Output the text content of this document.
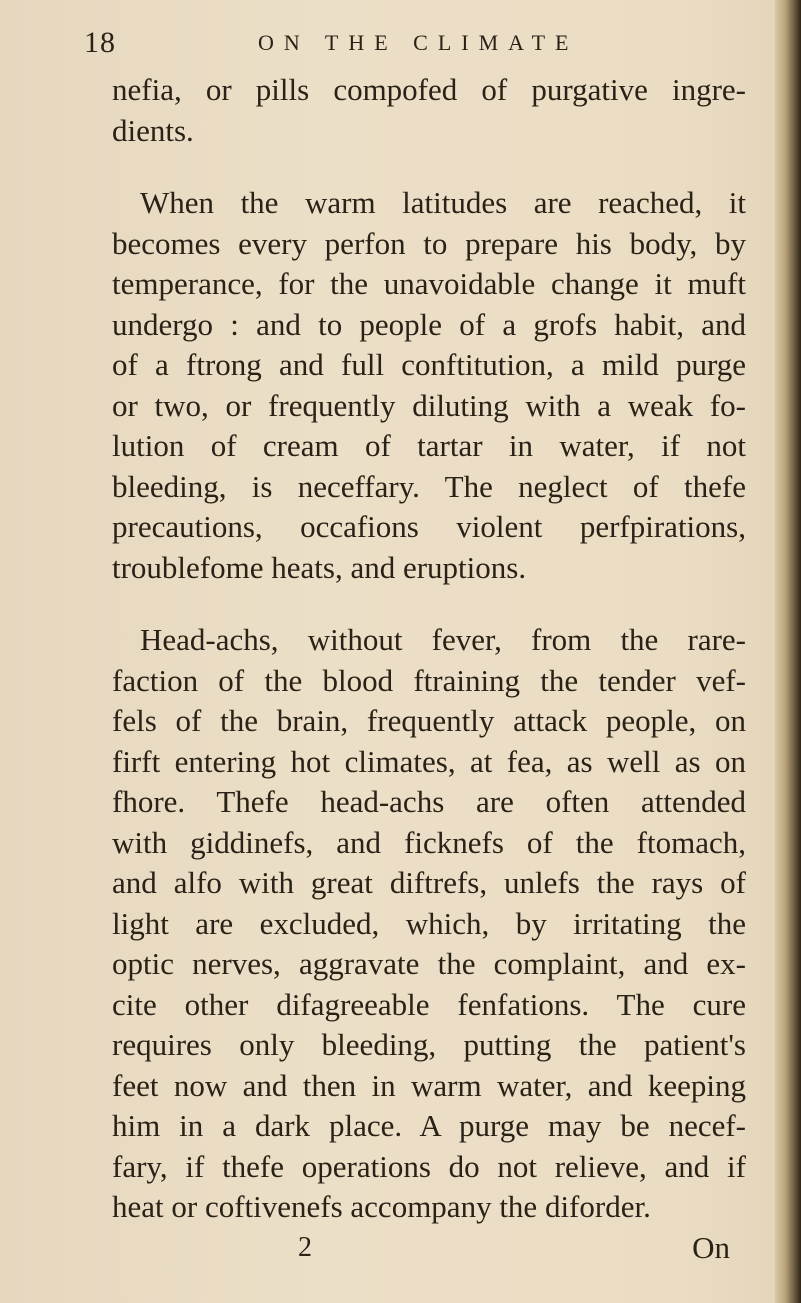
18	ON THE CLIMATE
nefia, or pills compofed of purgative ingre-
dients.
When the warm latitudes are reached, it
becomes every perfon to prepare his body, by
temperance, for the unavoidable change it muft
undergo : and to people of a grofs habit, and
of a ftrong and full conftitution, a mild purge
or two, or frequently diluting with a weak fo-
lution of cream of tartar in water, if not
bleeding, is neceffary. The neglect of thefe
precautions, occafions violent perfpirations,
troublefome heats, and eruptions.
Head-achs, without fever, from the rare-
faction of the blood ftraining the tender vef-
fels of the brain, frequently attack people, on
firft entering hot climates, at fea, as well as on
fhore. Thefe head-achs are often attended
with giddinefs, and ficknefs of the ftomach,
and alfo with great diftrefs, unlefs the rays of
light are excluded, which, by irritating the
optic nerves, aggravate the complaint, and ex-
cite other difagreeable fenfations. The cure
requires only bleeding, putting the patient's
feet now and then in warm water, and keeping
him in a dark place. A purge may be necef-
fary, if thefe operations do not relieve, and if
heat or coftivenefs accompany the diforder.
2	On
